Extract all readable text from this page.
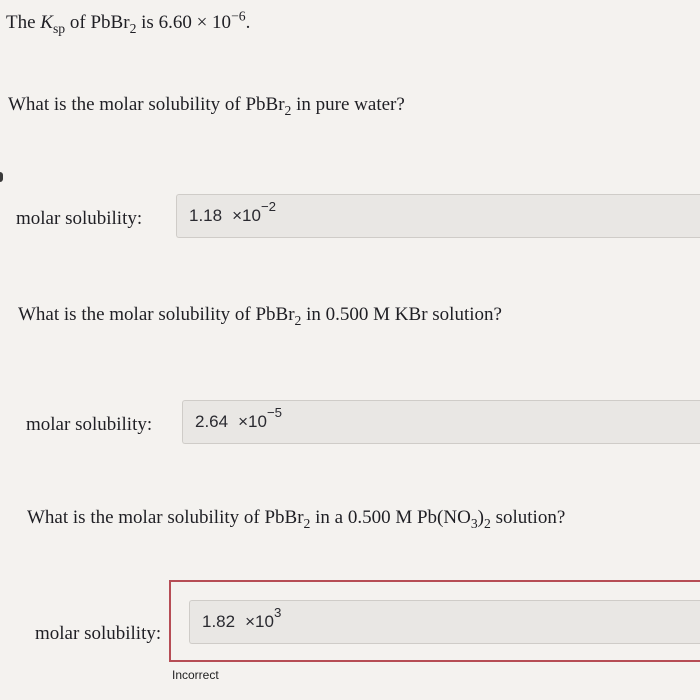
The $K_{sp}$ of PbBr$_2$ is $6.60 \times 10^{-6}$.
What is the molar solubility of PbBr$_2$ in pure water?
molar solubility:	$1.18 \times 10^{-2}$
What is the molar solubility of PbBr$_2$ in 0.500 M KBr solution?
molar solubility:	$2.64 \times 10^{-5}$
What is the molar solubility of PbBr$_2$ in a 0.500 M $Pb(NO_3)_2$ solution?
molar solubility:
$1.82 \times 10^3$
Incorrect
